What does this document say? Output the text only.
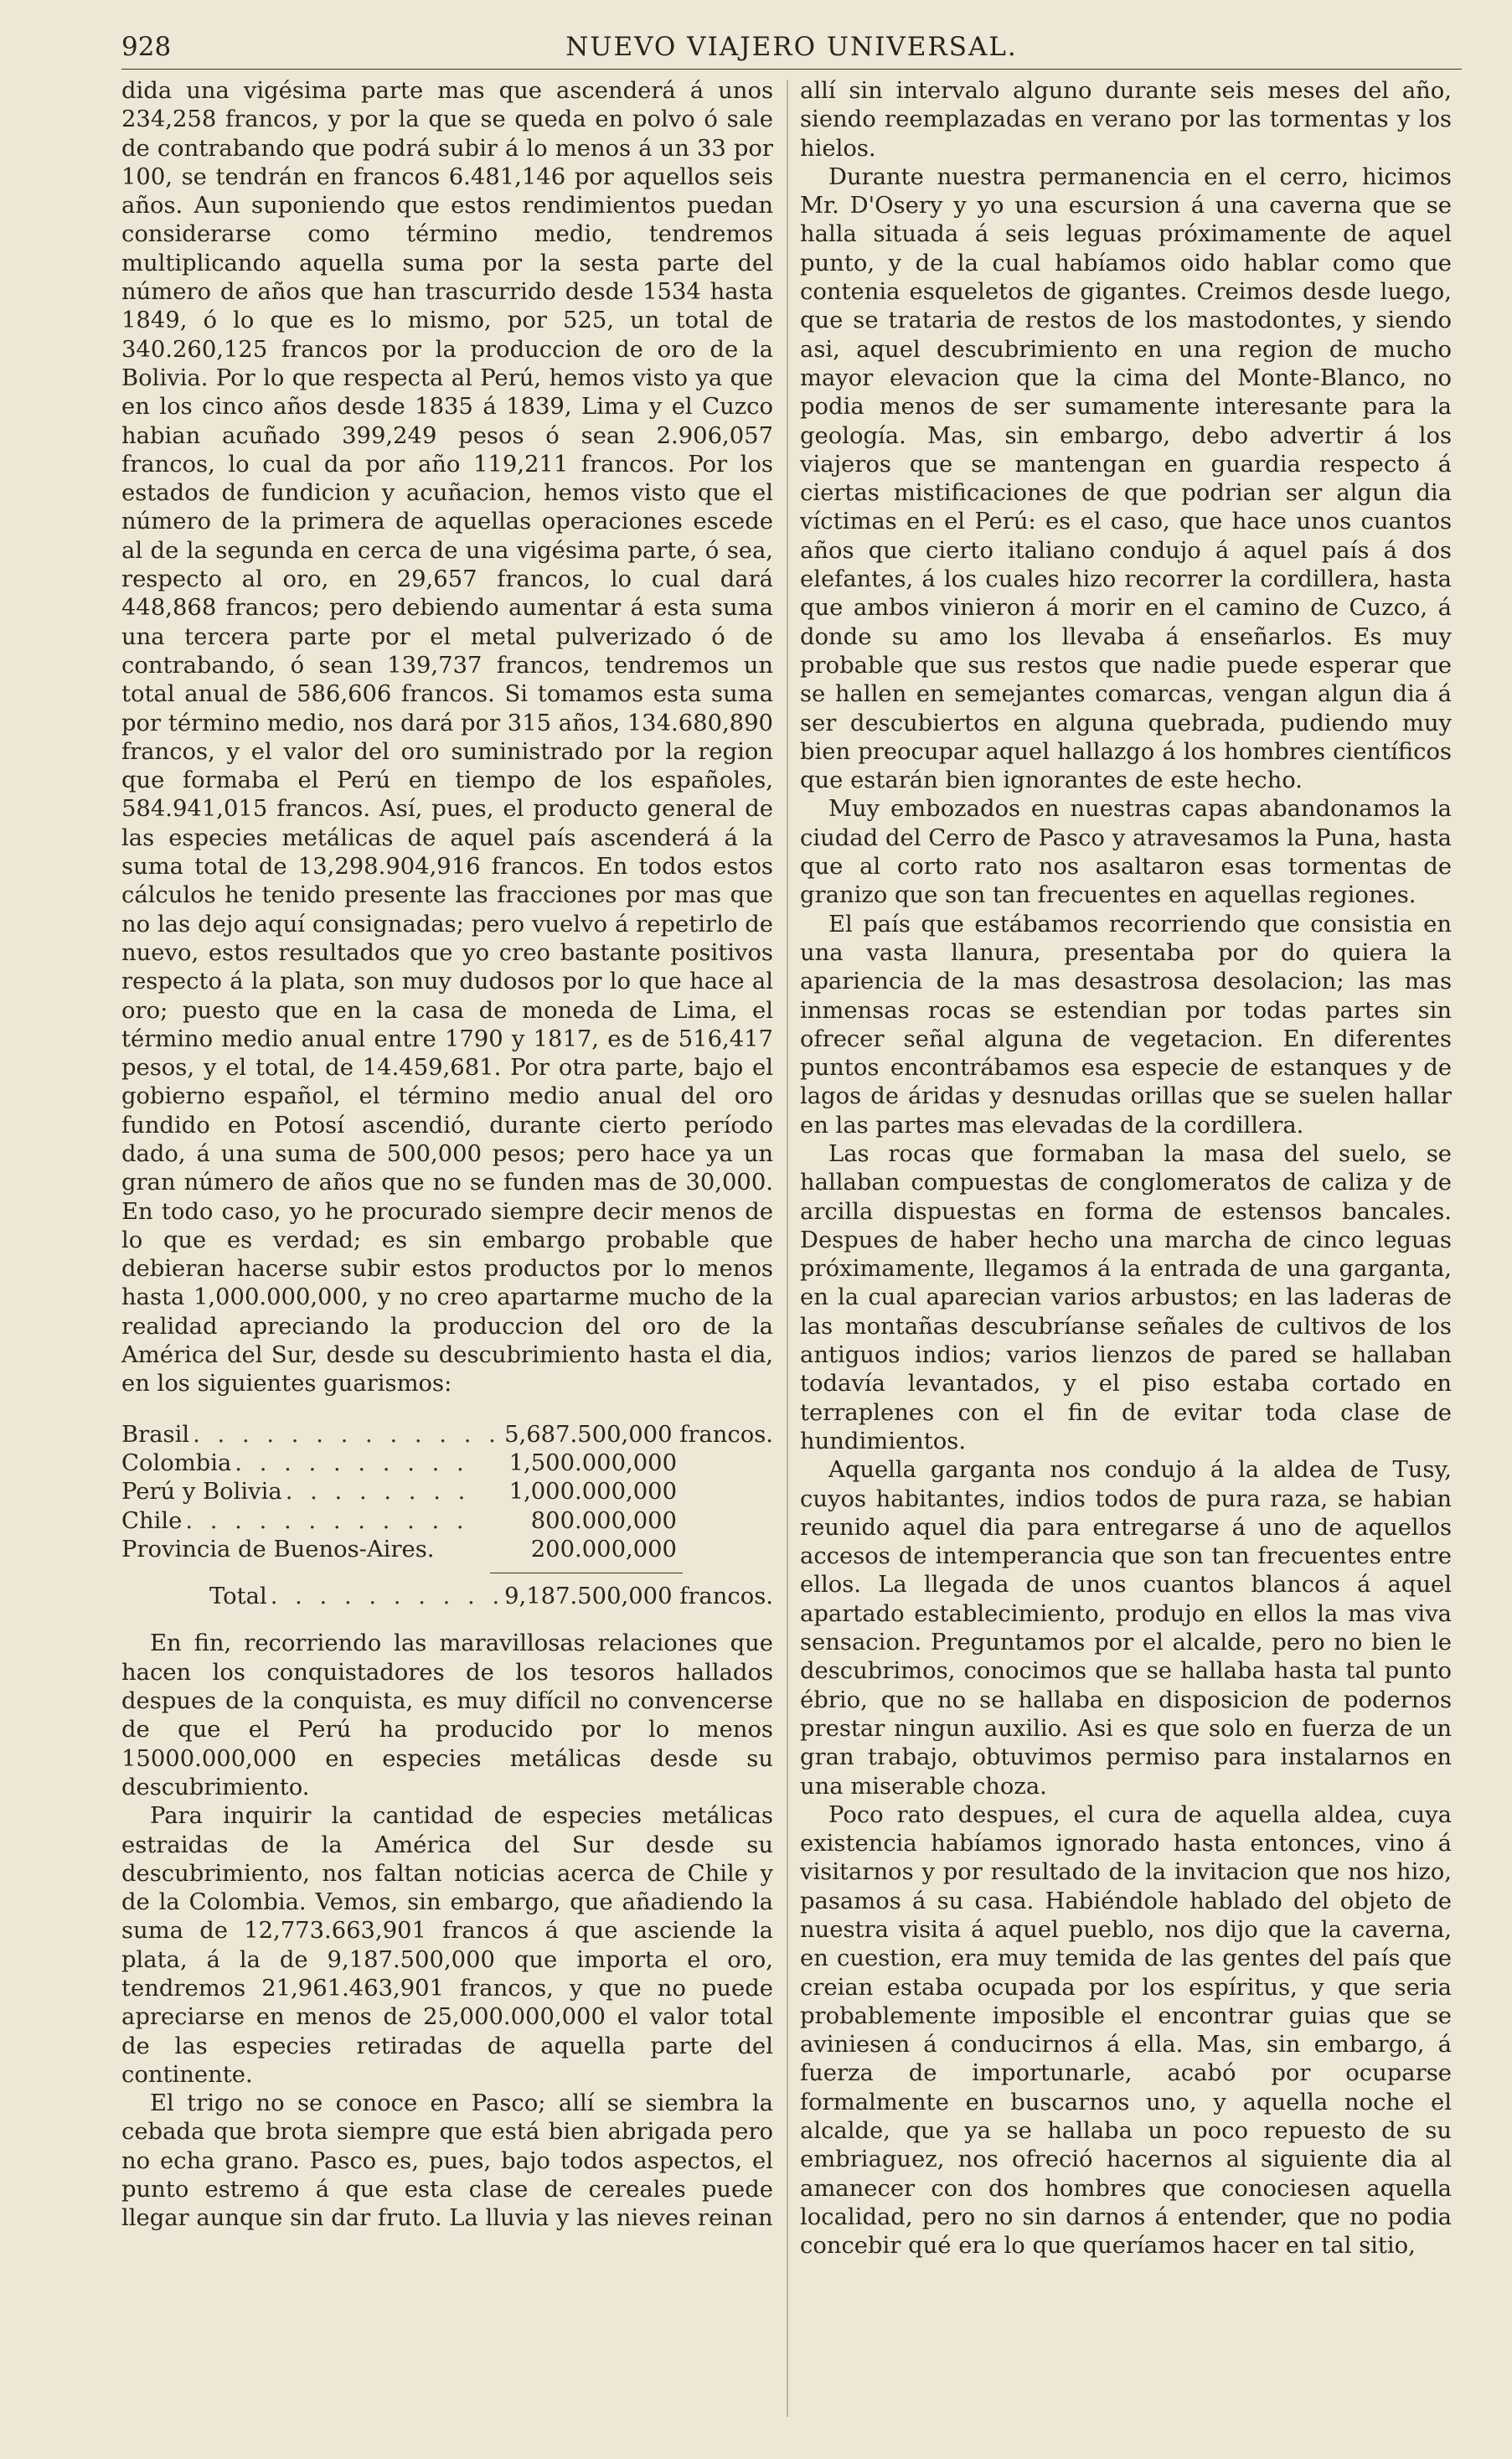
928	NUEVO VIAJERO UNIVERSAL.

dida una vigésima parte mas que ascenderá á unos 234,258 francos, y por la que se queda en polvo ó sale de contrabando que podrá subir á lo menos á un 33 por 100, se tendrán en francos 6.481,146 por aquellos seis años. Aun suponiendo que estos rendimientos puedan considerarse como término medio, tendremos multiplicando aquella suma por la sesta parte del número de años que han trascurrido desde 1534 hasta 1849, ó lo que es lo mismo, por 525, un total de 340.260,125 francos por la produccion de oro de la Bolivia. Por lo que respecta al Perú, hemos visto ya que en los cinco años desde 1835 á 1839, Lima y el Cuzco habian acuñado 399,249 pesos ó sean 2.906,057 francos, lo cual da por año 119,211 francos. Por los estados de fundicion y acuñacion, hemos visto que el número de la primera de aquellas operaciones escede al de la segunda en cerca de una vigésima parte, ó sea, respecto al oro, en 29,657 francos, lo cual dará 448,868 francos; pero debiendo aumentar á esta suma una tercera parte por el metal pulverizado ó de contrabando, ó sean 139,737 francos, tendremos un total anual de 586,606 francos. Si tomamos esta suma por término medio, nos dará por 315 años, 134.680,890 francos, y el valor del oro suministrado por la region que formaba el Perú en tiempo de los españoles, 584.941,015 francos. Así, pues, el producto general de las especies metálicas de aquel país ascenderá á la suma total de 13,298.904,916 francos. En todos estos cálculos he tenido presente las fracciones por mas que no las dejo aquí consignadas; pero vuelvo á repetirlo de nuevo, estos resultados que yo creo bastante positivos respecto á la plata, son muy dudosos por lo que hace al oro; puesto que en la casa de moneda de Lima, el término medio anual entre 1790 y 1817, es de 516,417 pesos, y el total, de 14.459,681. Por otra parte, bajo el gobierno español, el término medio anual del oro fundido en Potosí ascendió, durante cierto período dado, á una suma de 500,000 pesos; pero hace ya un gran número de años que no se funden mas de 30,000. En todo caso, yo he procurado siempre decir menos de lo que es verdad; es sin embargo probable que debieran hacerse subir estos productos por lo menos hasta 1,000.000,000, y no creo apartarme mucho de la realidad apreciando la produccion del oro de la América del Sur, desde su descubrimiento hasta el dia, en los siguientes guarismos:

Brasil . . .	5,687.500,000 francos.
Colombia . . .	1,500.000,000
Perú y Bolivia . . .	1,000.000,000
Chile . . .	800.000,000
Provincia de Buenos-Aires.	200.000,000
Total . . .	9,187.500,000 francos.

En fin, recorriendo las maravillosas relaciones que hacen los conquistadores de los tesoros hallados despues de la conquista, es muy difícil no convencerse de que el Perú ha producido por lo menos 15000.000,000 en especies metálicas desde su descubrimiento.

Para inquirir la cantidad de especies metálicas estraidas de la América del Sur desde su descubrimiento, nos faltan noticias acerca de Chile y de la Colombia. Vemos, sin embargo, que añadiendo la suma de 12,773.663,901 francos á que asciende la plata, á la de 9,187.500,000 que importa el oro, tendremos 21,961.463,901 francos, y que no puede apreciarse en menos de 25,000.000,000 el valor total de las especies retiradas de aquella parte del continente.

El trigo no se conoce en Pasco; allí se siembra la cebada que brota siempre que está bien abrigada pero no echa grano. Pasco es, pues, bajo todos aspectos, el punto estremo á que esta clase de cereales puede llegar aunque sin dar fruto. La lluvia y las nieves reinan

allí sin intervalo alguno durante seis meses del año, siendo reemplazadas en verano por las tormentas y los hielos.

Durante nuestra permanencia en el cerro, hicimos Mr. D'Osery y yo una escursion á una caverna que se halla situada á seis leguas próximamente de aquel punto, y de la cual habíamos oido hablar como que contenia esqueletos de gigantes. Creimos desde luego, que se trataria de restos de los mastodontes, y siendo asi, aquel descubrimiento en una region de mucho mayor elevacion que la cima del Monte-Blanco, no podia menos de ser sumamente interesante para la geología. Mas, sin embargo, debo advertir á los viajeros que se mantengan en guardia respecto á ciertas mistificaciones de que podrian ser algun dia víctimas en el Perú: es el caso, que hace unos cuantos años que cierto italiano condujo á aquel país á dos elefantes, á los cuales hizo recorrer la cordillera, hasta que ambos vinieron á morir en el camino de Cuzco, á donde su amo los llevaba á enseñarlos. Es muy probable que sus restos que nadie puede esperar que se hallen en semejantes comarcas, vengan algun dia á ser descubiertos en alguna quebrada, pudiendo muy bien preocupar aquel hallazgo á los hombres científicos que estarán bien ignorantes de este hecho.

Muy embozados en nuestras capas abandonamos la ciudad del Cerro de Pasco y atravesamos la Puna, hasta que al corto rato nos asaltaron esas tormentas de granizo que son tan frecuentes en aquellas regiones.

El país que estábamos recorriendo que consistia en una vasta llanura, presentaba por do quiera la apariencia de la mas desastrosa desolacion; las mas inmensas rocas se estendian por todas partes sin ofrecer señal alguna de vegetacion. En diferentes puntos encontrábamos esa especie de estanques y de lagos de áridas y desnudas orillas que se suelen hallar en las partes mas elevadas de la cordillera.

Las rocas que formaban la masa del suelo, se hallaban compuestas de conglomeratos de caliza y de arcilla dispuestas en forma de estensos bancales. Despues de haber hecho una marcha de cinco leguas próximamente, llegamos á la entrada de una garganta, en la cual aparecian varios arbustos; en las laderas de las montañas descubríanse señales de cultivos de los antiguos indios; varios lienzos de pared se hallaban todavía levantados, y el piso estaba cortado en terraplenes con el fin de evitar toda clase de hundimientos.

Aquella garganta nos condujo á la aldea de Tusy, cuyos habitantes, indios todos de pura raza, se habian reunido aquel dia para entregarse á uno de aquellos accesos de intemperancia que son tan frecuentes entre ellos. La llegada de unos cuantos blancos á aquel apartado establecimiento, produjo en ellos la mas viva sensacion. Preguntamos por el alcalde, pero no bien le descubrimos, conocimos que se hallaba hasta tal punto ébrio, que no se hallaba en disposicion de podernos prestar ningun auxilio. Asi es que solo en fuerza de un gran trabajo, obtuvimos permiso para instalarnos en una miserable choza.

Poco rato despues, el cura de aquella aldea, cuya existencia habíamos ignorado hasta entonces, vino á visitarnos y por resultado de la invitacion que nos hizo, pasamos á su casa. Habiéndole hablado del objeto de nuestra visita á aquel pueblo, nos dijo que la caverna, en cuestion, era muy temida de las gentes del país que creian estaba ocupada por los espíritus, y que seria probablemente imposible el encontrar guias que se aviniesen á conducirnos á ella. Mas, sin embargo, á fuerza de importunarle, acabó por ocuparse formalmente en buscarnos uno, y aquella noche el alcalde, que ya se hallaba un poco repuesto de su embriaguez, nos ofreció hacernos al siguiente dia al amanecer con dos hombres que conociesen aquella localidad, pero no sin darnos á entender, que no podia concebir qué era lo que queríamos hacer en tal sitio,
